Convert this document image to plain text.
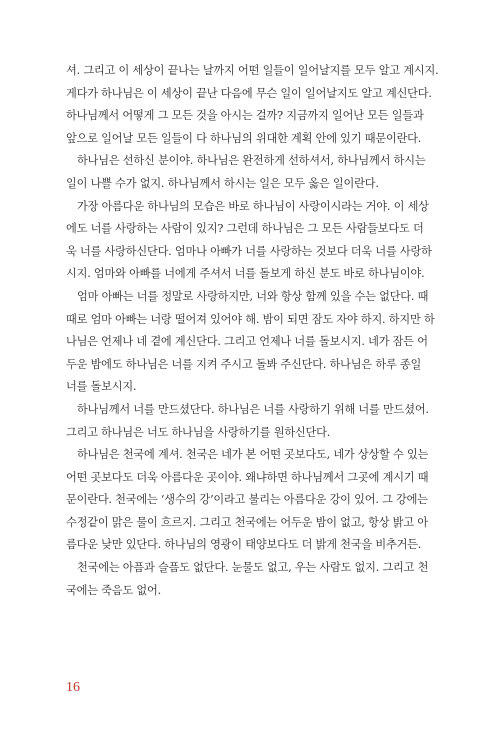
셔. 그리고 이 세상이 끝나는 날까지 어떤 일들이 일어날지를 모두 알고 계시지.
게다가 하나님은 이 세상이 끝난 다음에 무슨 일이 일어날지도 알고 계신단다.
하나님께서 어떻게 그 모든 것을 아시는 걸까? 지금까지 일어난 모든 일들과
앞으로 일어날 모든 일들이 다 하나님의 위대한 계획 안에 있기 때문이란다.
하나님은 선하신 분이야. 하나님은 완전하게 선하셔서, 하나님께서 하시는
일이 나쁠 수가 없지. 하나님께서 하시는 일은 모두 옳은 일이란다.
가장 아름다운 하나님의 모습은 바로 하나님이 사랑이시라는 거야. 이 세상
에도 너를 사랑하는 사람이 있지? 그런데 하나님은 그 모든 사람들보다도 더
욱 너를 사랑하신단다. 엄마나 아빠가 너를 사랑하는 것보다 더욱 너를 사랑하
시지. 엄마와 아빠를 너에게 주셔서 너를 돌보게 하신 분도 바로 하나님이야.
엄마 아빠는 너를 정말로 사랑하지만, 너와 항상 함께 있을 수는 없단다. 때
때로 엄마 아빠는 너랑 떨어져 있어야 해. 밤이 되면 잠도 자야 하지. 하지만 하
나님은 언제나 네 곁에 계신단다. 그리고 언제나 너를 돌보시지. 네가 잠든 어
두운 밤에도 하나님은 너를 지켜 주시고 돌봐 주신단다. 하나님은 하루 종일
너를 돌보시지.
하나님께서 너를 만드셨단다. 하나님은 너를 사랑하기 위해 너를 만드셨어.
그리고 하나님은 너도 하나님을 사랑하기를 원하신단다.
하나님은 천국에 계셔. 천국은 네가 본 어떤 곳보다도, 네가 상상할 수 있는
어떤 곳보다도 더욱 아름다운 곳이야. 왜냐하면 하나님께서 그곳에 계시기 때
문이란다. 천국에는 ‘생수의 강’이라고 불리는 아름다운 강이 있어. 그 강에는
수정같이 맑은 물이 흐르지. 그리고 천국에는 어두운 밤이 없고, 항상 밝고 아
름다운 낮만 있단다. 하나님의 영광이 태양보다도 더 밝게 천국을 비추거든.
천국에는 아픔과 슬픔도 없단다. 눈물도 없고, 우는 사람도 없지. 그리고 천
국에는 죽음도 없어.
16
